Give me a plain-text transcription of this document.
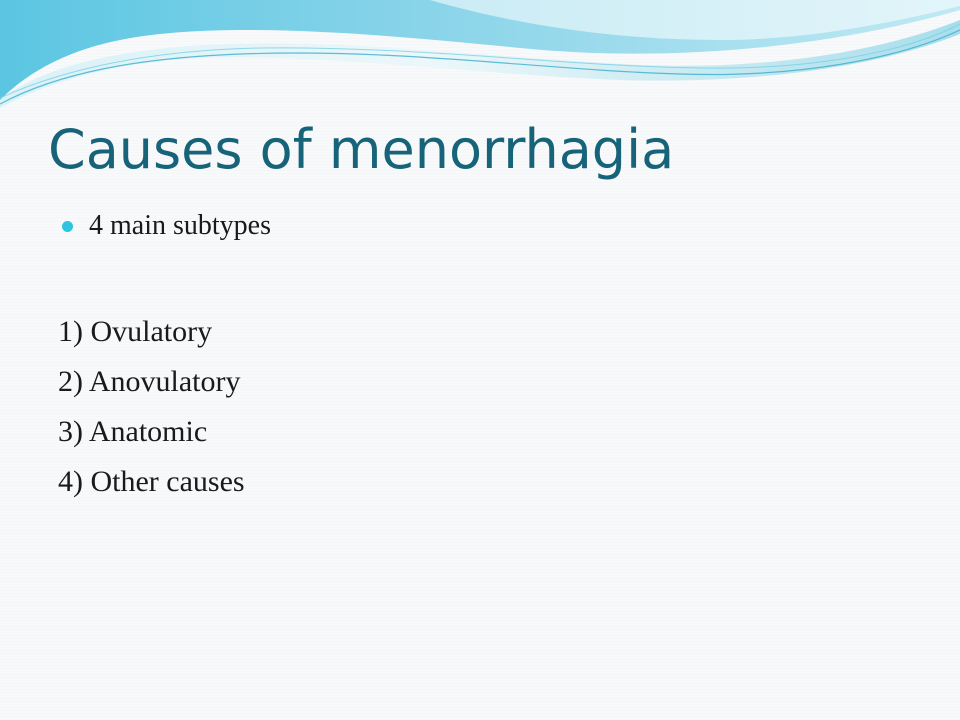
Causes of menorrhagia
4 main subtypes
1) Ovulatory
2) Anovulatory
3) Anatomic
4) Other causes
